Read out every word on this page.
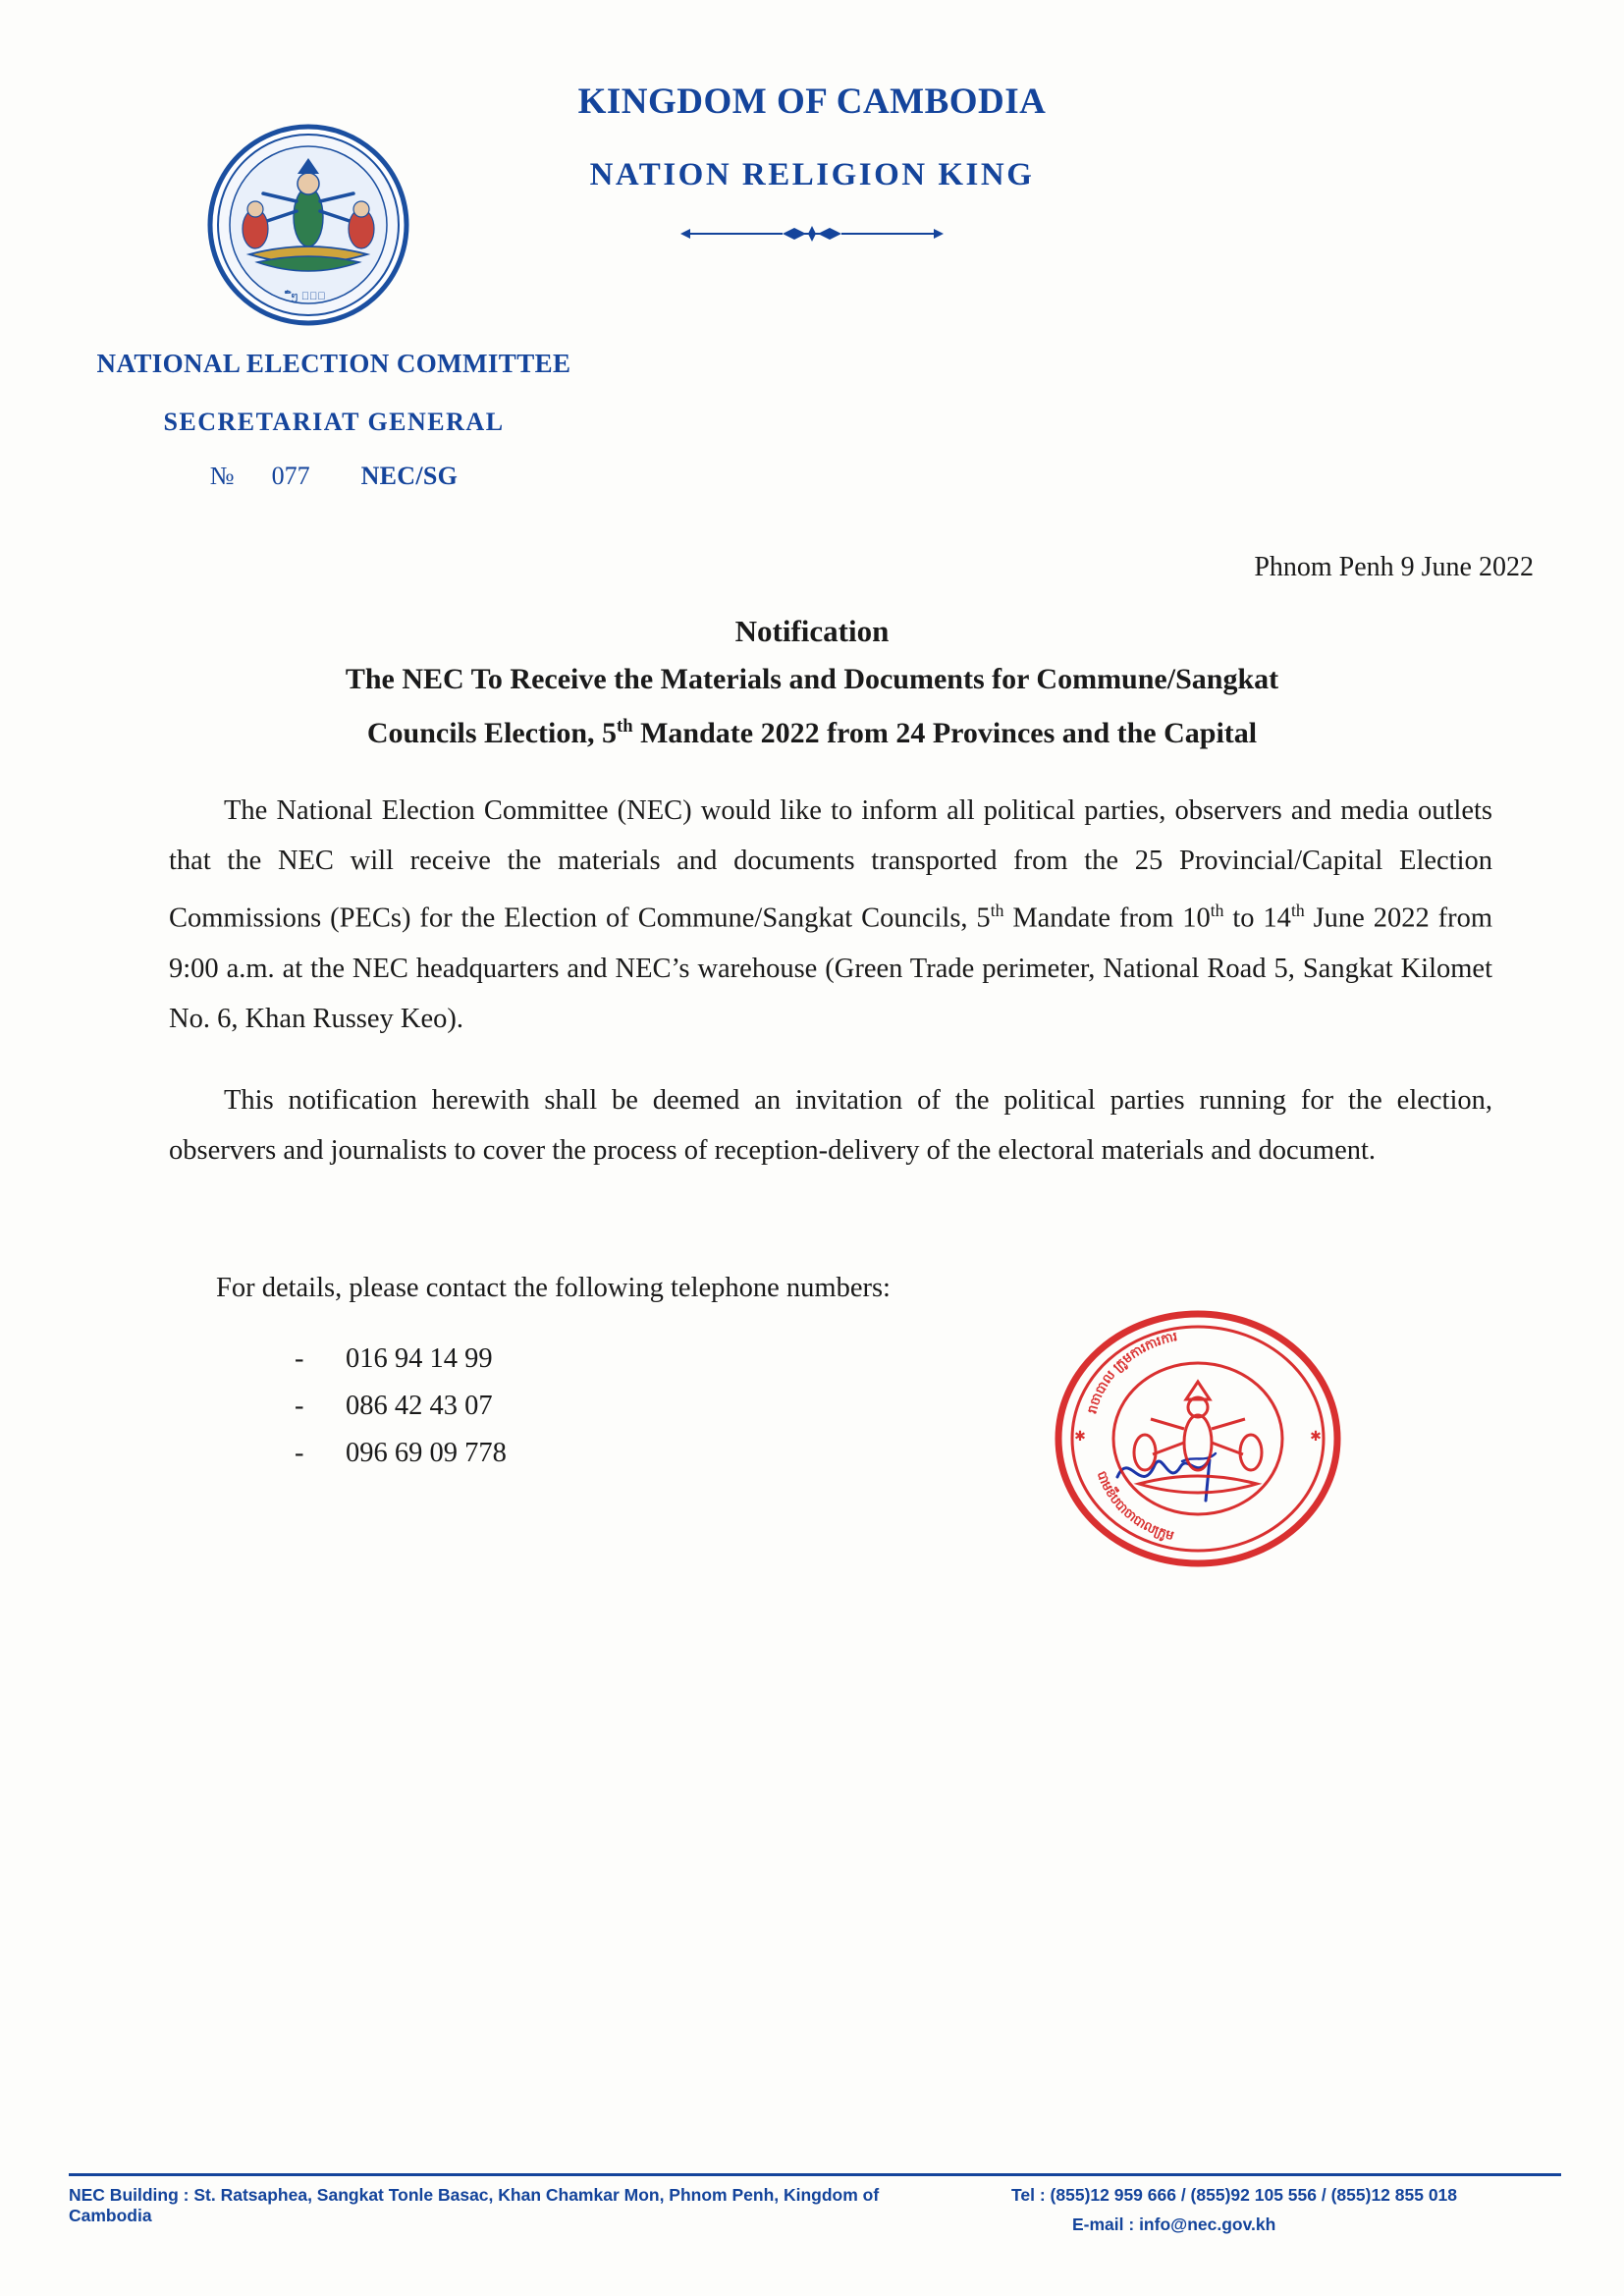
ໆ່້໊໋ ໌ໍ໎
KINGDOM OF CAMBODIA
NATION RELIGION KING
NATIONAL ELECTION COMMITTEE
SECRETARIAT GENERAL
№ 077 NEC/SG
Phnom Penh 9 June 2022
Notification
The NEC To Receive the Materials and Documents for Commune/Sangkat
Councils Election, 5th Mandate 2022 from 24 Provinces and the Capital

The National Election Committee (NEC) would like to inform all political parties, observers and media outlets that the NEC will receive the materials and documents transported from the 25 Provincial/Capital Election Commissions (PECs) for the Election of Commune/Sangkat Councils, 5th Mandate from 10th to 14th June 2022 from 9:00 a.m. at the NEC headquarters and NEC’s warehouse (Green Trade perimeter, National Road 5, Sangkat Kilomet No. 6, Khan Russey Keo).

This notification herewith shall be deemed an invitation of the political parties running for the election, observers and journalists to cover the process of reception-delivery of the electoral materials and document.

For details, please contact the following telephone numbers:
-	016 94 14 99
-	086 42 43 07
-	096 69 09 778
រាចាបាល ក្រូមការការការ
បាមខឹបបាចាបាលក្រូម
✱	✱
NEC Building : St. Ratsaphea, Sangkat Tonle Basac, Khan Chamkar Mon, Phnom Penh, Kingdom of Cambodia
Tel : (855)12 959 666 / (855)92 105 556 / (855)12 855 018
E-mail : info@nec.gov.kh
